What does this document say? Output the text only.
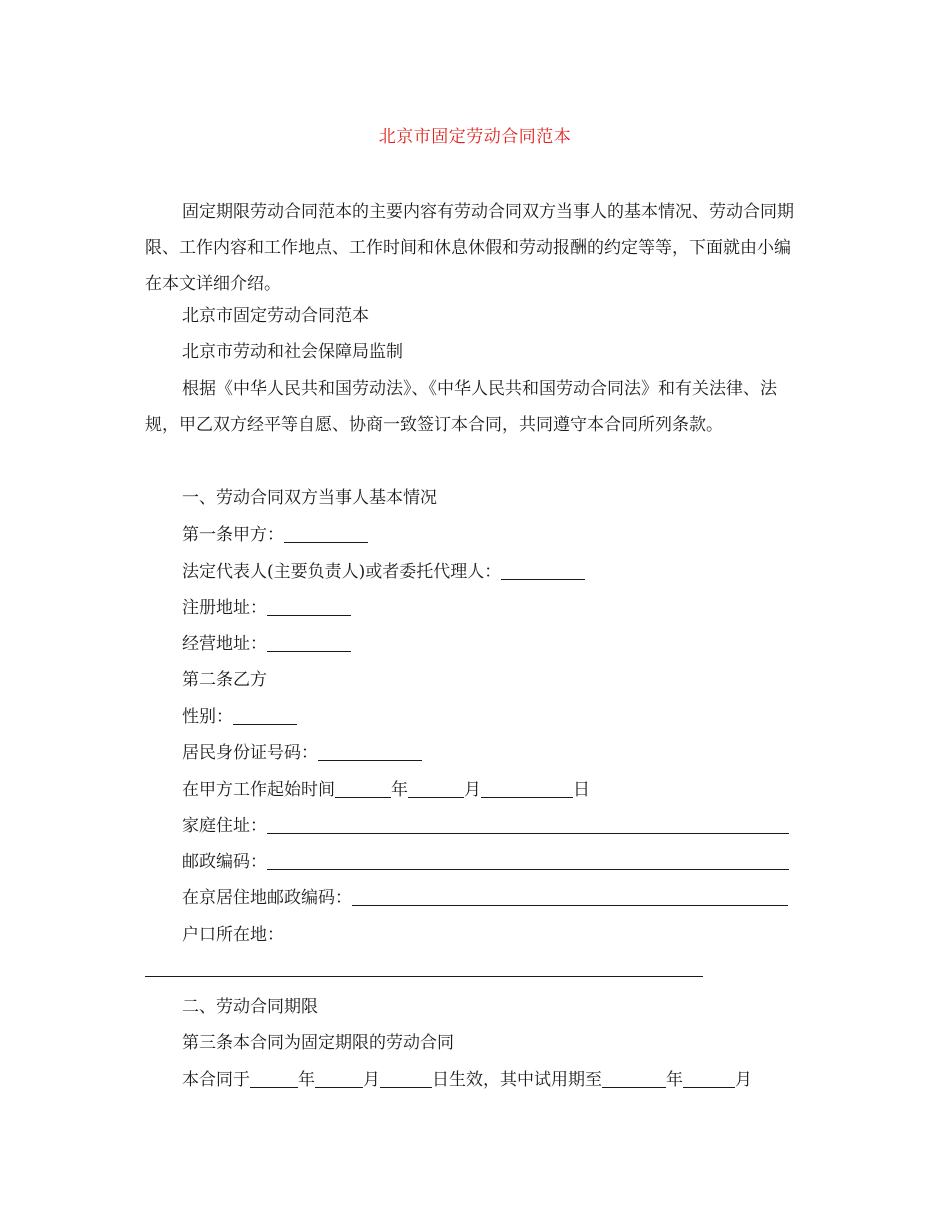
北京市固定劳动合同范本

固定期限劳动合同范本的主要内容有劳动合同双方当事人的基本情况、劳动合同期限、工作内容和工作地点、工作时间和休息休假和劳动报酬的约定等等，下面就由小编在本文详细介绍。

北京市固定劳动合同范本
北京市劳动和社会保障局监制

根据《中华人民共和国劳动法》、《中华人民共和国劳动合同法》和有关法律、法规，甲乙双方经平等自愿、协商一致签订本合同，共同遵守本合同所列条款。

一、劳动合同双方当事人基本情况
第一条甲方：
法定代表人(主要负责人)或者委托代理人：
注册地址：
经营地址：
第二条乙方
性别：
居民身份证号码：
在甲方工作起始时间	年	月	日
家庭住址：
邮政编码：
在京居住地邮政编码：
户口所在地：
二、劳动合同期限
第三条本合同为固定期限的劳动合同
本合同于	年	月	日生效，其中试用期至	年	月
